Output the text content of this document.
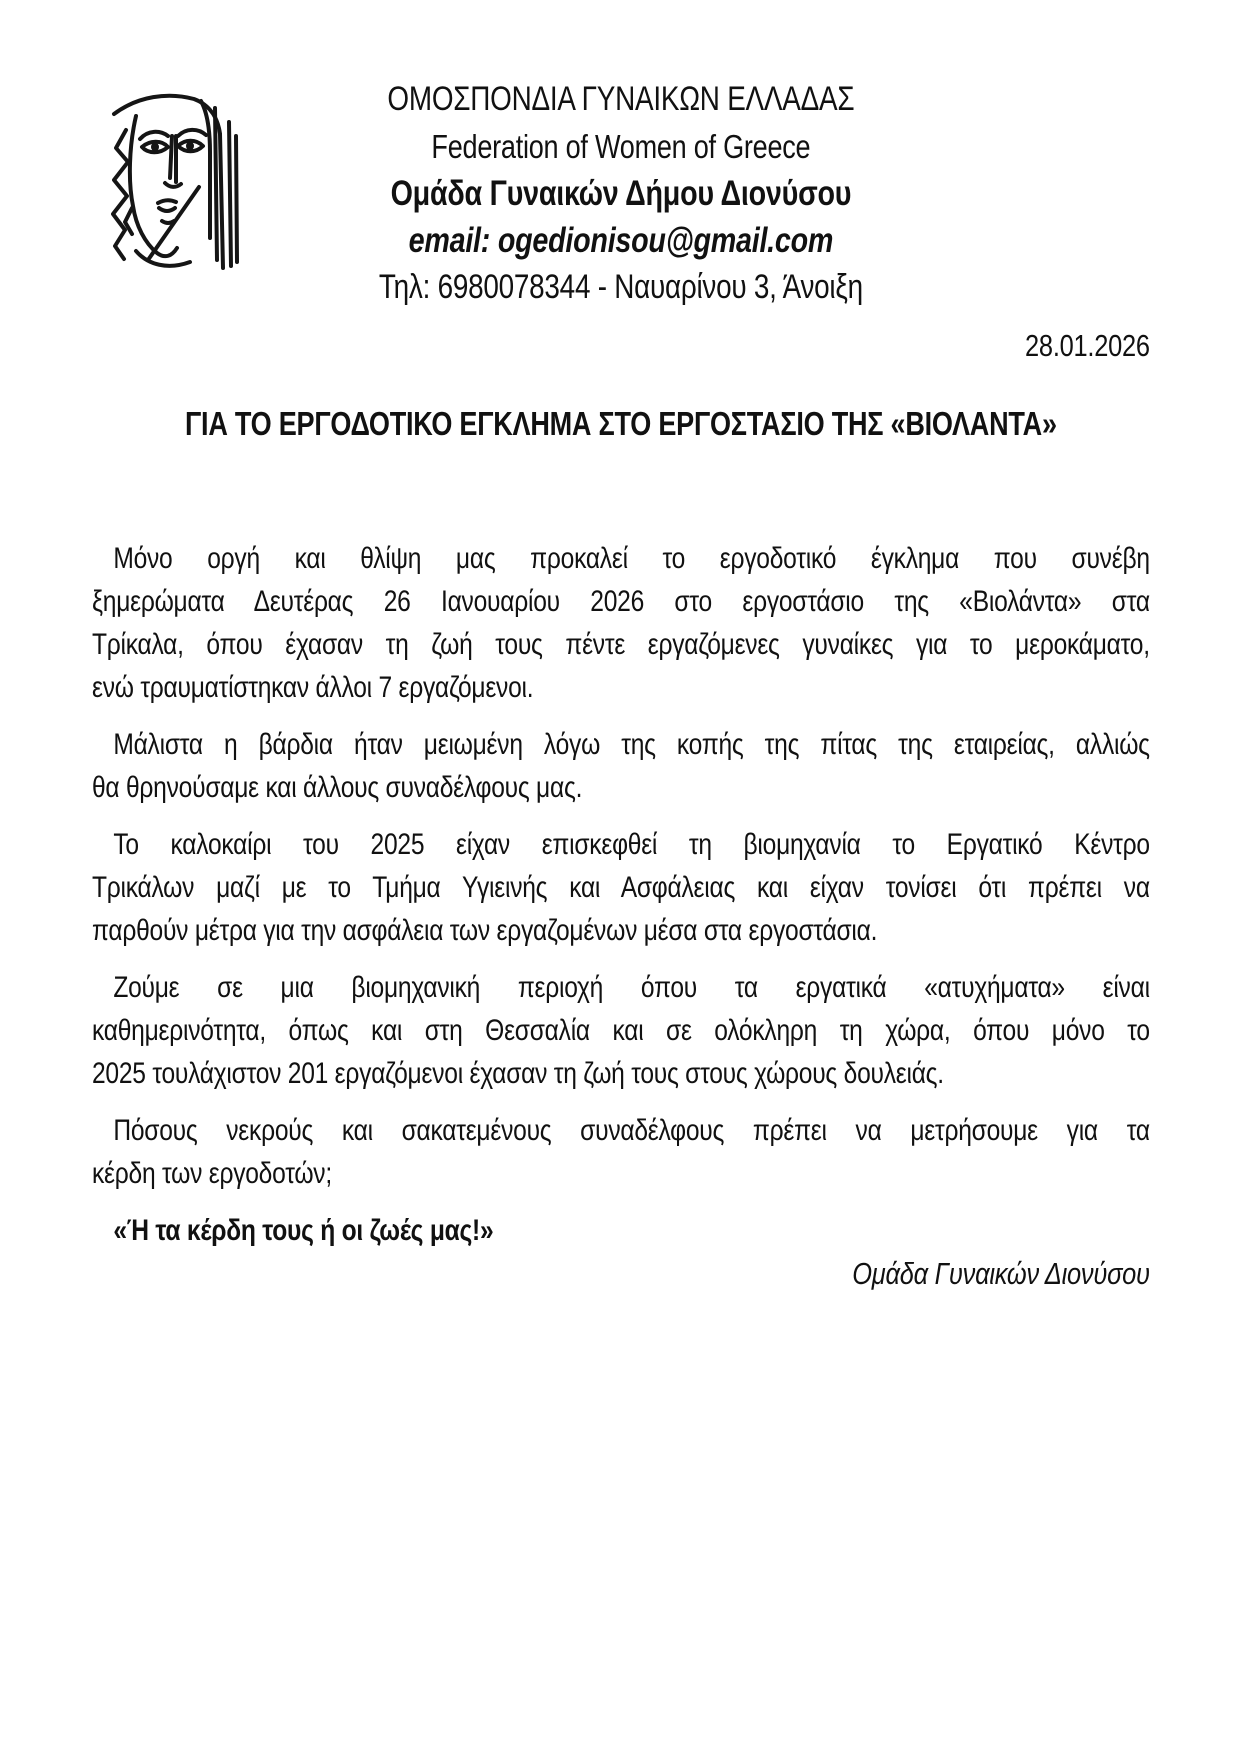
ΟΜΟΣΠΟΝΔΙΑ ΓΥΝΑΙΚΩΝ ΕΛΛΑΔΑΣ
Federation of Women of Greece
Ομάδα Γυναικών Δήμου Διονύσου
email: ogedionisou@gmail.com
Τηλ: 6980078344 - Ναυαρίνου 3, Άνοιξη
28.01.2026
ΓΙΑ ΤΟ ΕΡΓΟΔΟΤΙΚΟ ΕΓΚΛΗΜΑ ΣΤΟ ΕΡΓΟΣΤΑΣΙΟ ΤΗΣ «ΒΙΟΛΑΝΤΑ»
Μόνο οργή και θλίψη μας προκαλεί το εργοδοτικό έγκλημα που συνέβη
ξημερώματα Δευτέρας 26 Ιανουαρίου 2026 στο εργοστάσιο της «Βιολάντα» στα
Τρίκαλα, όπου έχασαν τη ζωή τους πέντε εργαζόμενες γυναίκες για το μεροκάματο,
ενώ τραυματίστηκαν άλλοι 7 εργαζόμενοι.
Μάλιστα η βάρδια ήταν μειωμένη λόγω της κοπής της πίτας της εταιρείας, αλλιώς
θα θρηνούσαμε και άλλους συναδέλφους μας.
Το καλοκαίρι του 2025 είχαν επισκεφθεί τη βιομηχανία το Εργατικό Κέντρο
Τρικάλων μαζί με το Τμήμα Υγιεινής και Ασφάλειας και είχαν τονίσει ότι πρέπει να
παρθούν μέτρα για την ασφάλεια των εργαζομένων μέσα στα εργοστάσια.
Ζούμε σε μια βιομηχανική περιοχή όπου τα εργατικά «ατυχήματα» είναι
καθημερινότητα, όπως και στη Θεσσαλία και σε ολόκληρη τη χώρα, όπου μόνο το
2025 τουλάχιστον 201 εργαζόμενοι έχασαν τη ζωή τους στους χώρους δουλειάς.
Πόσους νεκρούς και σακατεμένους συναδέλφους πρέπει να μετρήσουμε για τα
κέρδη των εργοδοτών;

«Ή τα κέρδη τους ή οι ζωές μας!»

Ομάδα Γυναικών Διονύσου
